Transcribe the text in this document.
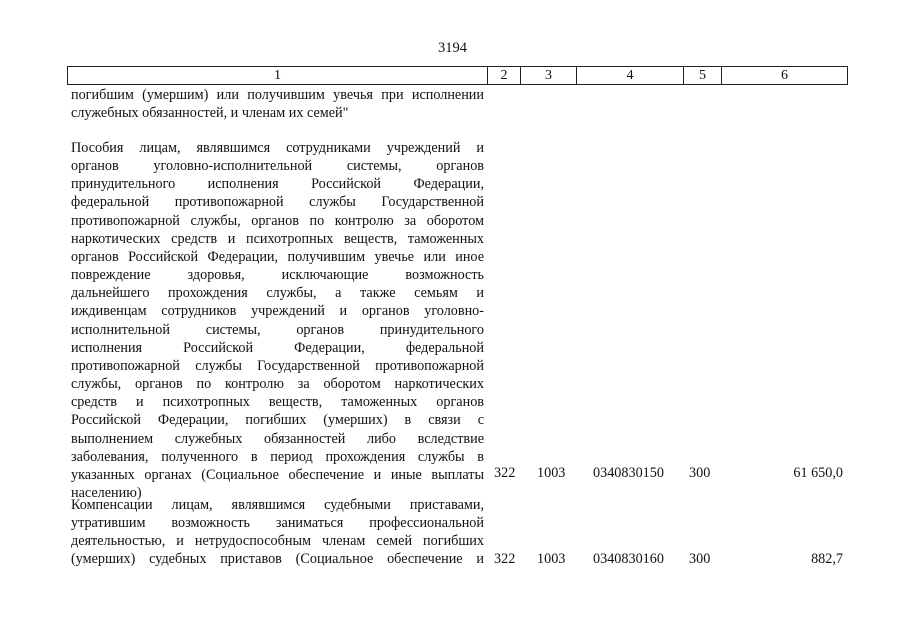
3194
1	2	3	4	5	6
погибшим (умершим) или получившим увечья при исполнении
служебных обязанностей, и членам их семей"
Пособия лицам, являвшимся сотрудниками учреждений и
органов уголовно-исполнительной системы, органов
принудительного исполнения Российской Федерации,
федеральной противопожарной службы Государственной
противопожарной службы, органов по контролю за оборотом
наркотических средств и психотропных веществ, таможенных
органов Российской Федерации, получившим увечье или иное
повреждение здоровья, исключающие возможность
дальнейшего прохождения службы, а также семьям и
иждивенцам сотрудников учреждений и органов уголовно-
исполнительной системы, органов принудительного
исполнения Российской Федерации, федеральной
противопожарной службы Государственной противопожарной
службы, органов по контролю за оборотом наркотических
средств и психотропных веществ, таможенных органов
Российской Федерации, погибших (умерших) в связи с
выполнением служебных обязанностей либо вследствие
заболевания, полученного в период прохождения службы в
указанных органах (Социальное обеспечение и иные выплаты
населению)
322 1003 0340830150 300	61 650,0
Компенсации лицам, являвшимся судебными приставами,
утратившим возможность заниматься профессиональной
деятельностью, и нетрудоспособным членам семей погибших
(умерших) судебных приставов (Социальное обеспечение и 322 1003 0340830160 300	882,7
